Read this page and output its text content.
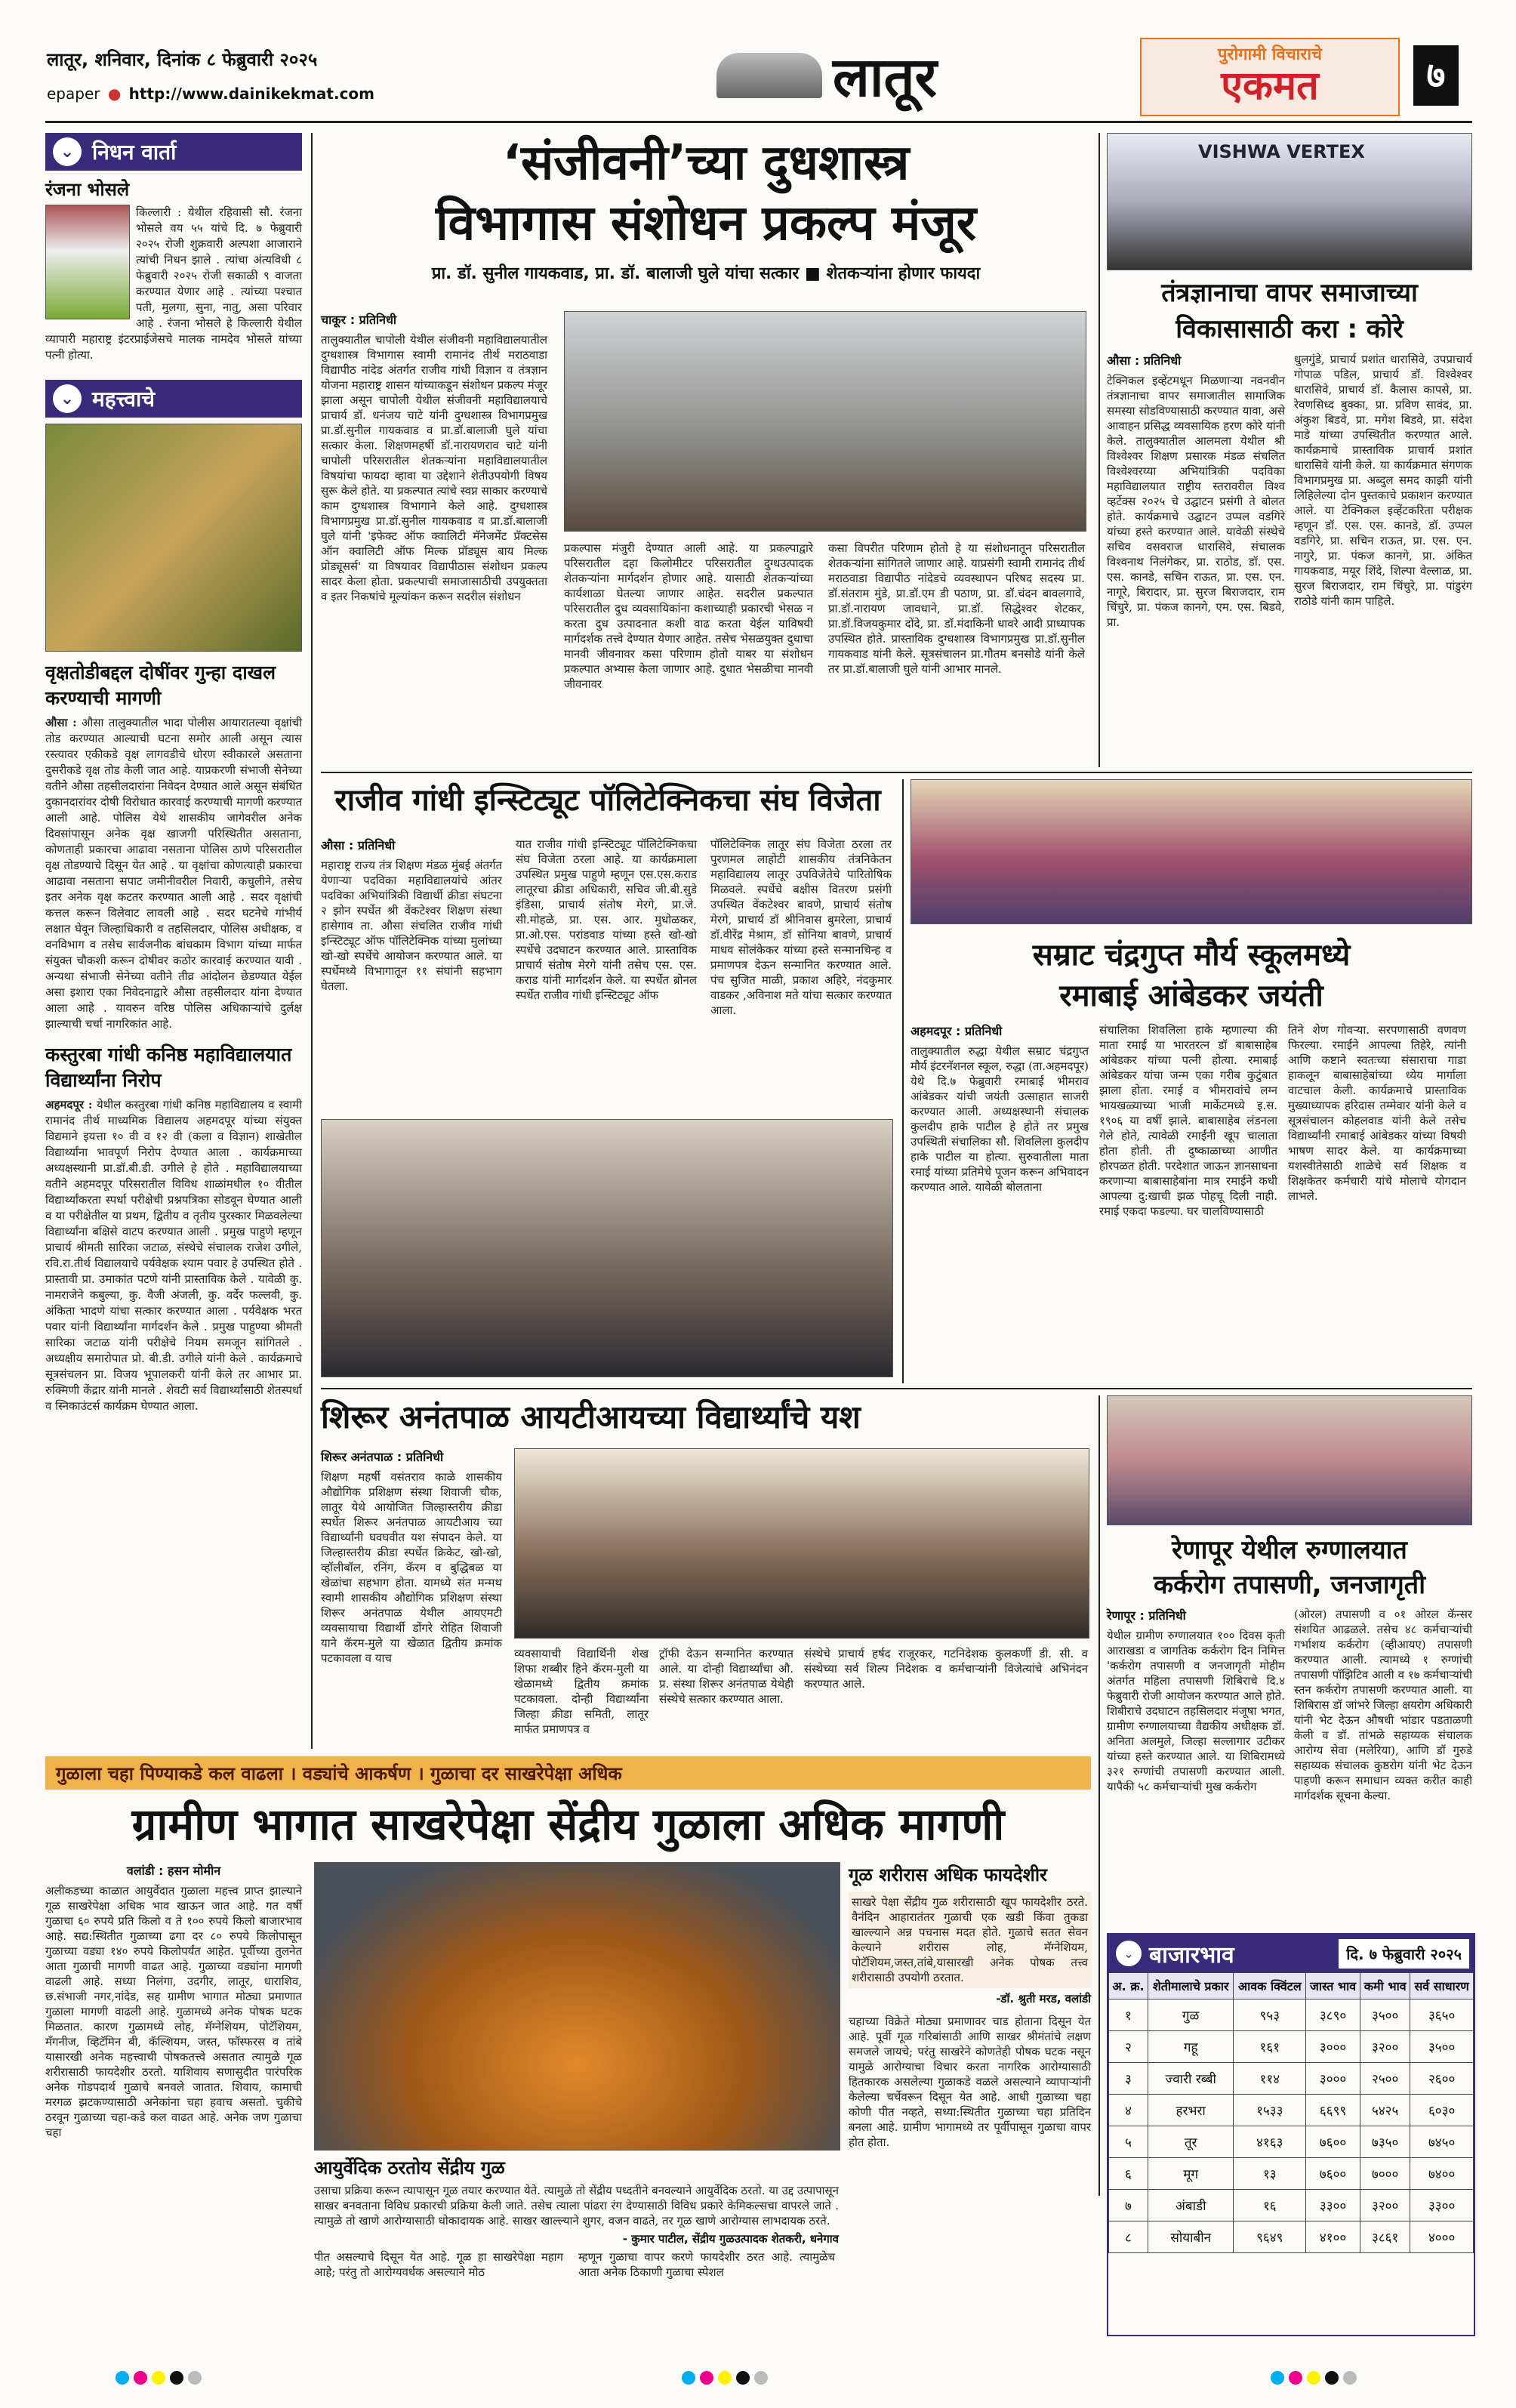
लातूर, शनिवार, दिनांक ८ फेब्रुवारी २०२५
epaper ● http://www.dainikekmat.com	लातूर	पुरोगामी विचाराचे
एकमत	७
⌄ निधन वार्ता
रंजना भोसले
किल्लारी : येथील रहिवासी सौ. रंजना भोसले वय ५५ यांचे दि. ७ फेब्रुवारी २०२५ रोजी शुक्रवारी अल्पशा आजाराने त्यांची निधन झाले . त्यांचा अंत्यविधी ८ फेब्रुवारी २०२५ रोजी सकाळी ९ वाजता करण्यात येणार आहे . त्यांच्या पश्चात पती, मुलगा, सुना, नातु, असा परिवार आहे . रंजना भोसले हे किल्लारी येथील व्यापारी महाराष्ट्र इंटरप्राईजेसचे मालक नामदेव भोसले यांच्या पत्नी होत्या.
⌄ महत्त्वाचे
वृक्षतोडीबद्दल दोषींवर गुन्हा दाखल करण्याची मागणी
औसा : औसा तालुक्यातील भादा पोलीस आयारातल्या वृक्षांची तोड करण्यात आल्याची घटना समोर आली असून त्यास रस्त्यावर एकीकडे वृक्ष लागवडीचे धोरण स्वीकारले असताना दुसरीकडे वृक्ष तोड केली जात आहे. याप्रकरणी संभाजी सेनेच्या वतीने औसा तहसीलदारांना निवेदन देण्यात आले असून संबंधित दुकानदारांवर दोषी विरोधात कारवाई करण्याची मागणी करण्यात आली आहे. पोलिस येथे शासकीय जागेवरील अनेक दिवसांपासून अनेक वृक्ष खाजगी परिस्थितीत असताना, कोणताही प्रकारचा आढावा नसताना पोलिस ठाणे परिसरातील वृक्ष तोडण्याचे दिसून येत आहे . या वृक्षांचा कोणत्याही प्रकारचा आढावा नसताना सपाट जमीनीवरील निवारी, कचुलीने, तसेच इतर अनेक वृक्ष कटतर करण्यात आली आहे . सदर वृक्षांची कत्तल करून विलेवाट लावली आहे . सदर घटनेचे गांभीर्य लक्षात घेवून जिल्हाधिकारी व तहसिलदार, पोलिस अधीक्षक, व वनविभाग व तसेच सार्वजनीक बांधकाम विभाग यांच्या मार्फत संयुक्त चौकशी करून दोषीवर कठोर कारवाई करण्यात यावी . अन्यथा संभाजी सेनेच्या वतीने तीव्र आंदोलन छेडण्यात येईल असा इशारा एका निवेदनाद्वारे औसा तहसीलदार यांना देण्यात आला आहे . यावरुन वरिष्ठ पोलिस अधिकाऱ्यांचे दुर्लक्ष झाल्याची चर्चा नागरिकांत आहे.
कस्तुरबा गांधी कनिष्ठ महाविद्यालयात विद्यार्थ्यांना निरोप
अहमदपूर : येथील कस्तुरबा गांधी कनिष्ठ महाविद्यालय व स्वामी रामानंद तीर्थ माध्यमिक विद्यालय अहमदपूर यांच्या संयुक्त विद्यमाने इयत्ता १० वी व १२ वी (कला व विज्ञान) शाखेतील विद्यार्थ्यांना भावपूर्ण निरोप देण्यात आला . कार्यक्रमाच्या अध्यक्षस्थानी प्रा.डॉ.बी.डी. उगीले हे होते . महाविद्यालयाच्या वतीने अहमदपूर परिसरातील विविध शाळांमधील १० वीतील विद्यार्थ्यांकरता स्पर्धा परीक्षेची प्रश्नपत्रिका सोडवून घेण्यात आली व या परीक्षेतील या प्रथम, द्वितीय व तृतीय पुरस्कार मिळवलेल्या विद्यार्थ्यांना बक्षिसे वाटप करण्यात आली . प्रमुख पाहुणे म्हणून प्राचार्य श्रीमती सारिका जटाळ, संस्थेचे संचालक राजेश उगीले, रवि.रा.तीर्थ विद्यालयाचे पर्यवेक्षक श्याम पवार हे उपस्थित होते . प्रास्तावी प्रा. उमाकांत पटणे यांनी प्रास्ताविक केले . यावेळी कु. नामराजेने कबुल्या, कु. वैजी अंजली, कु. वर्देर फल्लवी, कु. अंकिता भादणे यांचा सत्कार करण्यात आला . पर्यवेक्षक भरत पवार यांनी विद्यार्थ्यांना मार्गदर्शन केले . प्रमुख पाहुण्या श्रीमती सारिका जटाळ यांनी परीक्षेचे नियम समजून सांगितले . अध्यक्षीय समारोपात प्रो. बी.डी. उगीले यांनी केले . कार्यक्रमाचे सूत्रसंचलन प्रा. विजय भूपालकरी यांनी केले तर आभार प्रा. रुक्मिणी केंद्रार यांनी मानले . शेवटी सर्व विद्यार्थ्यांसाठी शेतस्पर्धा व स्निकाउंटर्स कार्यक्रम घेण्यात आला.
‘संजीवनी’च्या दुधशास्त्र
विभागास संशोधन प्रकल्प मंजूर
प्रा. डॉ. सुनील गायकवाड, प्रा. डॉ. बालाजी घुले यांचा सत्कार ■ शेतकऱ्यांना होणार फायदा
चाकूर : प्रतिनिधी
तालुक्यातील चापोली येथील संजीवनी महाविद्यालयातील दुग्धशास्त्र विभागास स्वामी रामानंद तीर्थ मराठवाडा विद्यापीठ नांदेड अंतर्गत राजीव गांधी विज्ञान व तंत्रज्ञान योजना महाराष्ट्र शासन यांच्याकडून संशोधन प्रकल्प मंजूर झाला असून चापोली येथील संजीवनी महाविद्यालयाचे प्राचार्य डॉ. धनंजय चाटे यांनी दुग्धशास्त्र विभागप्रमुख प्रा.डॉ.सुनील गायकवाड व प्रा.डॉ.बालाजी घुले यांचा सत्कार केला. शिक्षणमहर्षी डॉ.नारायणराव चाटे यांनी चापोली परिसरातील शेतकऱ्यांना महाविद्यालयातील विषयांचा फायदा व्हावा या उद्देशाने शेतीउपयोगी विषय सुरू केले होते. या प्रकल्पात त्यांचे स्वप्न साकार करण्याचे काम दुग्धशास्त्र विभागाने केले आहे. दुग्धशास्त्र विभागप्रमुख प्रा.डॉ.सुनील गायकवाड व प्रा.डॉ.बालाजी घुले यांनी 'इफेक्ट ऑफ क्वालिटी मॅनेजमेंट प्रॅक्टसेस ऑन क्वालिटी ऑफ मिल्क प्रॉड्यूस बाय मिल्क प्रोड्यूसर्स' या विषयावर विद्यापीठास संशोधन प्रकल्प सादर केला होता. प्रकल्पाची समाजासाठीची उपयुक्तता व इतर निकषांचे मूल्यांकन करून सदरील संशोधन
प्रकल्पास मंजुरी देण्यात आली आहे. या प्रकल्पाद्वारे परिसरातील दहा किलोमीटर परिसरातील दुग्धउत्पादक शेतकऱ्यांना मार्गदर्शन होणार आहे. यासाठी शेतकऱ्यांच्या कार्यशाळा घेतल्या जाणार आहेत. सदरील प्रकल्पात परिसरातील दुध व्यवसायिकांना कशाच्याही प्रकारची भेसळ न करता दुध उत्पादनात कशी वाढ करता येईल याविषयी मार्गदर्शक तत्त्वे देण्यात येणार आहेत. तसेच भेसळयुक्त दुधाचा मानवी जीवनावर कसा परिणाम होतो याबर या संशोधन प्रकल्पात अभ्यास केला जाणार आहे. दुधात भेसळीचा मानवी जीवनावर
कसा विपरीत परिणाम होतो हे या संशोधनातून परिसरातील शेतकऱ्यांना सांगितले जाणार आहे. याप्रसंगी स्वामी रामानंद तीर्थ मराठवाडा विद्यापीठ नांदेडचे व्यवस्थापन परिषद सदस्य प्रा. डॉ.संतराम मुंडे, प्रा.डॉ.एम डी पठाण, प्रा. डॉ.चंदन बावलगावे, प्रा.डॉ.नारायण जावधाने, प्रा.डॉ. सिद्धेश्वर शेटकर, प्रा.डॉ.विजयकुमार दोंदे, प्रा. डॉ.मंदाकिनी धावरे आदी प्राध्यापक उपस्थित होते. प्रास्ताविक दुग्धशास्त्र विभागप्रमुख प्रा.डॉ.सुनील गायकवाड यांनी केले. सूत्रसंचालन प्रा.गौतम बनसोडे यांनी केले तर प्रा.डॉ.बालाजी घुले यांनी आभार मानले.
VISHWA VERTEX
तंत्रज्ञानाचा वापर समाजाच्या विकासासाठी करा : कोरे
औसा : प्रतिनिधी
टेक्निकल इव्हेंटमधून मिळणाऱ्या नवनवीन तंत्रज्ञानाचा वापर समाजातील सामाजिक समस्या सोडविण्यासाठी करण्यात यावा, असे आवाहन प्रसिद्ध व्यवसायिक हरण कोरे यांनी केले. तालुक्यातील आलमला येथील श्री विश्वेश्वर शिक्षण प्रसारक मंडळ संचलित विश्वेश्वरय्या अभियांत्रिकी पदविका महाविद्यालयात राष्ट्रीय स्तरावरील विश्व व्हर्टेक्स २०२५ चे उद्घाटन प्रसंगी ते बोलत होते. कार्यक्रमाचे उद्घाटन उप्पल वडगिरे यांच्या हस्ते करण्यात आले. यावेळी संस्थेचे सचिव वसवराज धारासिवे, संचालक विश्वनाथ निलंगेकर, प्रा. राठोड, डॉ. एस. एस. कानडे, सचिन राऊत, प्रा. एस. एन. नागूरे, बिरादार, प्रा. सुरज बिराजदार, राम चिंचुरे, प्रा. पंकज कानगे, एम. एस. बिडवे, प्रा.
धुलगुंडे, प्राचार्य प्रशांत धारासिवे, उपप्राचार्य गोपाळ पडिल, प्राचार्य डॉ. विश्वेश्वर धारासिवे, प्राचार्य डॉ. कैलास कापसे, प्रा. रेवणसिध्द बुक्का, प्रा. प्रविण सावंद, प्रा. अंकुश बिडवे, प्रा. मगेश बिडवे, प्रा. संदेश माडे यांच्या उपस्थितीत करण्यात आले. कार्यक्रमाचे प्रास्ताविक प्राचार्य प्रशांत धारासिवे यांनी केले. या कार्यक्रमात संगणक विभागप्रमुख प्रा. अब्दुल समद काझी यांनी लिहिलेल्या दोन पुस्तकाचे प्रकाशन करण्यात आले. या टेक्निकल इव्हेंटकरिता परीक्षक म्हणून डॉ. एस. एस. कानडे, डॉ. उप्पल वडगिरे, प्रा. सचिन राऊत, प्रा. एस. एन. नागुरे, प्रा. पंकज कानगे, प्रा. अंकित गायकवाड, मयूर शिंदे, शिल्पा वेल्लाळ, प्रा. सुरज बिराजदार, राम चिंचुरे, प्रा. पांडुरंग राठोडे यांनी काम पाहिले.
राजीव गांधी इन्स्टिट्यूट पॉलिटेक्निकचा संघ विजेता
औसा : प्रतिनिधी
महाराष्ट्र राज्य तंत्र शिक्षण मंडळ मुंबई अंतर्गत येणाऱ्या पदविका महाविद्यालयांचे आंतर पदविका अभियांत्रिकी विद्यार्थी क्रीडा संघटना २ झोन स्पर्धेत श्री वेंकटेश्वर शिक्षण संस्था हासेगाव ता. औसा संचलित राजीव गांधी इन्स्टिट्यूट ऑफ पॉलिटेक्निक यांच्या मुलांच्या खो-खो स्पर्धेचे आयोजन करण्यात आले. या स्पर्धेमध्ये विभागातून ११ संघांनी सहभाग घेतला.
यात राजीव गांधी इन्स्टिट्यूट पॉलिटेक्निकचा संघ विजेता ठरला आहे. या कार्यक्रमाला उपस्थित प्रमुख पाहुणे म्हणून एस.एस.कराड लातूरचा क्रीडा अधिकारी, सचिव जी.बी.सुडे इंडिसा, प्राचार्य संतोष मेरगे, प्रा.जे. सी.मोहळे, प्रा. एस. आर. मुधोळकर, प्रा.ओ.एस. परांडवाड यांच्या हस्ते खो-खो स्पर्धेचे उदघाटन करण्यात आले. प्रास्ताविक प्राचार्य संतोष मेरगे यांनी तसेच एस. एस. कराड यांनी मार्गदर्शन केले. या स्पर्धेत ब्रोनल स्पर्धेत राजीव गांधी इन्स्टिट्यूट ऑफ
पॉलिटेक्निक लातूर संघ विजेता ठरला तर पुरणमल लाहोटी शासकीय तंत्रनिकेतन महाविद्यालय लातूर उपविजेतेचे पारितोषिक मिळवले. स्पर्धेचे बक्षीस वितरण प्रसंगी उपस्थित वेंकटेश्वर बावणे, प्राचार्य संतोष मेरगे, प्राचार्य डॉ श्रीनिवास बुमरेला, प्राचार्य डॉ.वीरेंद्र मेश्राम, डॉ सोनिया बावणे, प्राचार्य माधव सोलंकेकर यांच्या हस्ते सन्मानचिन्ह व प्रमाणपत्र देऊन सन्मानित करण्यात आले. पंच सुजित माळी, प्रकाश अहिरे, नंदकुमार वाडकर ,अविनाश मते यांचा सत्कार करण्यात आला.
सम्राट चंद्रगुप्त मौर्य स्कूलमध्ये
रमाबाई आंबेडकर जयंती
अहमदपूर : प्रतिनिधी
तालुक्यातील रुद्धा येथील सम्राट चंद्रगुप्त मौर्य इंटरनॅशनल स्कूल, रुद्धा (ता.अहमदपूर) येथे दि.७ फेब्रुवारी रमाबाई भीमराव आंबेडकर यांची जयंती उत्साहात साजरी करण्यात आली. अध्यक्षस्थानी संचालक कुलदीप हाके पाटील हे होते तर प्रमुख उपस्थिती संचालिका सौ. शिवलिला कुलदीप हाके पाटील या होत्या. सुरुवातीला माता रमाई यांच्या प्रतिमेचे पूजन करून अभिवादन करण्यात आले. यावेळी बोलताना
संचालिका शिवलिला हाके म्हणाल्या की माता रमाई या भारतरत्न डॉ बाबासाहेब आंबेडकर यांच्या पत्नी होत्या. रमाबाई आंबेडकर यांचा जन्म एका गरीब कुटुंबात झाला होता. रमाई व भीमरावांचे लग्न भायखळ्याच्या भाजी मार्केटमध्ये इ.स. १९०६ या वर्षी झाले. बाबासाहेब लंडनला गेले होते, त्यावेळी रमाईंनी खूप चालाता होता होती. ती दुष्काळाच्या आणीत होरपळत होती. परदेशात जाऊन ज्ञानसाधना करणाऱ्या बाबासाहेबांना मात्र रमाईने कधी आपल्या दु:खाची झळ पोहचू दिली नाही. रमाई एकदा फडल्या. घर चालविण्यासाठी
तिने शेण गोवऱ्या. सरपणासाठी वणवण फिरल्या. रमाईने आपल्या तिहेरे, त्यांनी आणि कष्टाने स्वतःच्या संसाराचा गाडा हाकलून बाबासाहेबांच्या ध्येय मार्गाला वाटचाल केली. कार्यक्रमाचे प्रास्ताविक मुख्याध्यापक हरिदास तम्मेवार यांनी केले व सूत्रसंचालन कोहलवाड यांनी केले तसेच विद्यार्थ्यांनी रमाबाई आंबेडकर यांच्या विषयी भाषण सादर केले. या कार्यक्रमाच्या यशस्वीतेसाठी शाळेचे सर्व शिक्षक व शिक्षकेतर कर्मचारी यांचे मोलाचे योगदान लाभले.
शिरूर अनंतपाळ आयटीआयच्या विद्यार्थ्यांचे यश
शिरूर अनंतपाळ : प्रतिनिधी
शिक्षण महर्षी वसंतराव काळे शासकीय औद्योगिक प्रशिक्षण संस्था शिवाजी चौक, लातूर येथे आयोजित जिल्हास्तरीय क्रीडा स्पर्धेत शिरूर अनंतपाळ आयटीआय च्या विद्यार्थ्यांनी घवघवीत यश संपादन केले. या जिल्हास्तरीय क्रीडा स्पर्धेत क्रिकेट, खो-खो, व्हॉलीबॉल, रनिंग, कॅरम व बुद्धिबळ या खेळांचा सहभाग होता. यामध्ये संत मन्मथ स्वामी शासकीय औद्योगिक प्रशिक्षण संस्था शिरूर अनंतपाळ येथील आयएमटी व्यवसायाचा विद्यार्थी डोंगरे रोहित शिवाजी याने कॅरम-मुले या खेळात द्वितीय क्रमांक पटकावला व याच	व्यवसायाची विद्यार्थिनी शेख शिफा शब्बीर हिने कॅरम-मुली या खेळामध्ये द्वितीय क्रमांक पटकावला. दोन्ही विद्यार्थ्यांना जिल्हा क्रीडा समिती, लातूर मार्फत प्रमाणपत्र व
ट्रॉफी देऊन सन्मानित करण्यात आले. या दोन्ही विद्यार्थ्यांचा औ. प्र. संस्था शिरूर अनंतपाळ येथेही संस्थेचे सत्कार करण्यात आला.
संस्थेचे प्राचार्य हर्षद राजूरकर, गटनिदेशक कुलकर्णी डी. सी. व संस्थेच्या सर्व शिल्प निदेशक व कर्मचाऱ्यांनीे विजेत्यांचे अभिनंदन करण्यात आले.
रेणापूर येथील रुग्णालयात
कर्करोग तपासणी, जनजागृती
रेणापूर : प्रतिनिधी
येथील ग्रामीण रुग्णालयात १०० दिवस कृती आराखडा व जागतिक कर्करोग दिन निमित्त 'कर्करोग तपासणी व जनजागृती मोहीम अंतर्गत महिला तपासणी शिबिराचे दि.४ फेब्रुवारी रोजी आयोजन करण्यात आले होते. शिबीराचे उदघाटन तहसिलदार मंजूषा भगत, ग्रामीण रुग्णालयाच्या वैद्यकीय अधीक्षक डॉ. अनिता अलमुले, जिल्हा सल्लागार उटीकर यांच्या हस्ते करण्यात आले. या शिबिरामध्ये ३२१ रुग्णांची तपासणी करण्यात आली. यापैकी ५८ कर्मचाऱ्यांची मुख कर्करोग
(ओरल) तपासणी व ०१ ओरल कॅन्सर संशयित आढळले. तसेच ४८ कर्मचाऱ्यांची गर्भाशय कर्करोग (व्हीआयए) तपासणी करण्यात आली. त्यामध्ये १ रुग्णांची तपासणी पॉझिटिव आली व १७ कर्मचाऱ्यांची स्तन कर्करोग तपासणी करण्यात आली. या शिबिरास डॉ जांभरे जिल्हा क्षयरोग अधिकारी यांनी भेट देऊन औषधी भांडार पडताळणी केली व डॉ. तांभळे सहाय्यक संचालक आरोग्य सेवा (मलेरिया), आणि डॉ गुरुडे सहाय्यक संचालक कुष्ठरोग यांनी भेट देऊन पाहणी करून समाधान व्यक्त करीत काही मार्गदर्शक सूचना केल्या.
गुळाला चहा पिण्याकडे कल वाढला । वड्यांचे आकर्षण । गुळाचा दर साखरेपेक्षा अधिक
ग्रामीण भागात साखरेपेक्षा सेंद्रीय गुळाला अधिक मागणी
वलांडी : हसन मोमीन
अलीकडच्या काळात आयुर्वेदात गुळाला महत्त्व प्राप्त झाल्याने गूळ साखरेपेक्षा अधिक भाव खाऊन जात आहे. गत वर्षी गुळाचा ६० रुपये प्रति किलो व ते १०० रुपये किलो बाजारभाव आहे. सद्य:स्थितीत गुळाच्या ढगा दर ८० रुपये किलोपासून गुळाच्या वड्या १४० रुपये किलोपर्यंत आहेत. पूर्वीच्या तुलनेत आता गुळाची मागणी वाढत आहे. गुळाच्या वड्यांना मागणी वाढली आहे. सध्या निलंगा, उदगीर, लातूर, धाराशिव, छ.संभाजी नगर,नांदेड, सह ग्रामीण भागात मोठ्या प्रमाणात गुळाला मागणी वाढली आहे. गुळामध्ये अनेक पोषक घटक मिळतात. कारण गुळामध्ये लोह, मॅग्नेशियम, पोटॅशियम, मँगनीज, व्हिटॅमिन बी, कॅल्शियम, जस्त, फॉस्फरस व तांबे यासारखी अनेक महत्त्वाची पोषकतत्त्वे असतात त्यामुळे गूळ शरीरासाठी फायदेशीर ठरतो. याशिवाय सणासुदीत पारंपरिक अनेक गोडपदार्थ गुळाचे बनवले जातात. शिवाय, कामाची मरगळ झटकण्यासाठी अनेकांना चहा हवाच असतो. चुकीचे ठरवून गुळाच्या चहा-कडे कल वाढत आहे. अनेक जण गुळाचा चहा
गूळ शरीरास अधिक फायदेशीर
साखरे पेक्षा सेंद्रीय गुळ शरीरासाठी खूप फायदेशीर ठरते. वैनंदिन आहारातंतर गुळाची एक खडी किंवा तुकडा खाल्ल्याने अन्न पचनास मदत होते. गुळाचे सतत सेवन केल्याने शरीरास लोह, मॅग्नेशियम, पोटॅशियम,जस्त,तांबे,यासारखी अनेक पोषक तत्त्व शरीरासाठी उपयोगी ठरतात.
-डॉ. श्रुती मरड, वलांडी
चहाच्या विक्रेते मोठ्या प्रमाणावर चाड होताना दिसून येत आहे. पूर्वी गूळ गरिबांसाठी आणि साखर श्रीमंतांचे लक्षण समजले जायचे; परंतु साखरेने कोणतेही पोषक घटक नसून यामुळे आरोग्याचा विचार करता नागरिक आरोग्यासाठी हितकारक असलेल्या गुळाकडे वळले असल्याने व्यापाऱ्यांनी केलेल्या चर्चेवरून दिसून येत आहे. आधी गुळाच्या चहा कोणी पीत नव्हते, सध्या:स्थितीत गुळाच्या चहा प्रतिदिन बनला आहे. ग्रामीण भागामध्ये तर पूर्वीपासून गुळाचा वापर होत होता.
आयुर्वेदिक ठरतोय सेंद्रीय गुळ
उसाचा प्रक्रिया करून त्यापासून गूळ तयार करण्यात येते. त्यामुळे तो सेंद्रीय पध्दतीने बनवल्याने आयुर्वेदिक ठरतो. या उद्द उत्पापासून साखर बनवताना विविध प्रकारची प्रक्रिया केली जाते. तसेच त्याला पांढरा रंग देण्यासाठी विविध प्रकारे केमिकल्सचा वापरले जाते . त्यामुळे तो खाणे आरोग्यासाठी धोकादायक आहे. साखर खाल्ल्याने शुगर, वजन वाढते, तर गूळ खाणे आरोग्यास लाभदायक ठरते.
- कुमार पाटील, सेंद्रीय गुळउत्पादक शेतकरी, धनेगाव
पीत असल्याचे दिसून येत आहे. गूळ हा साखरेपेक्षा महाग आहे; परंतु तो आरोग्यवर्धक असल्याने मोठ
म्हणून गुळाचा वापर करणे फायदेशीर ठरत आहे. त्यामुळेच आता अनेक ठिकाणी गुळाचा स्पेशल
⌄ बाजारभाव	दि. ७ फेब्रुवारी २०२५
अ. क्र.	शेतीमालाचे प्रकार	आवक क्विंटल	जास्त भाव	कमी भाव	सर्व साधारण
१	गुळ	९५३	३८९०	३५००	३६५०
२	गहू	१६१	३०००	३२००	३५००
३	ज्वारी रब्बी	११४	३०००	२५००	२६००
४	हरभरा	१५३३	६६९९	५४२५	६०३०
५	तूर	४१६३	७६००	७३५०	७४५०
६	मूग	१३	७६००	७०००	७४००
७	अंबाडी	१६	३३००	३२००	३३००
८	सोयाबीन	९६४९	४१००	३८६१	४०००
